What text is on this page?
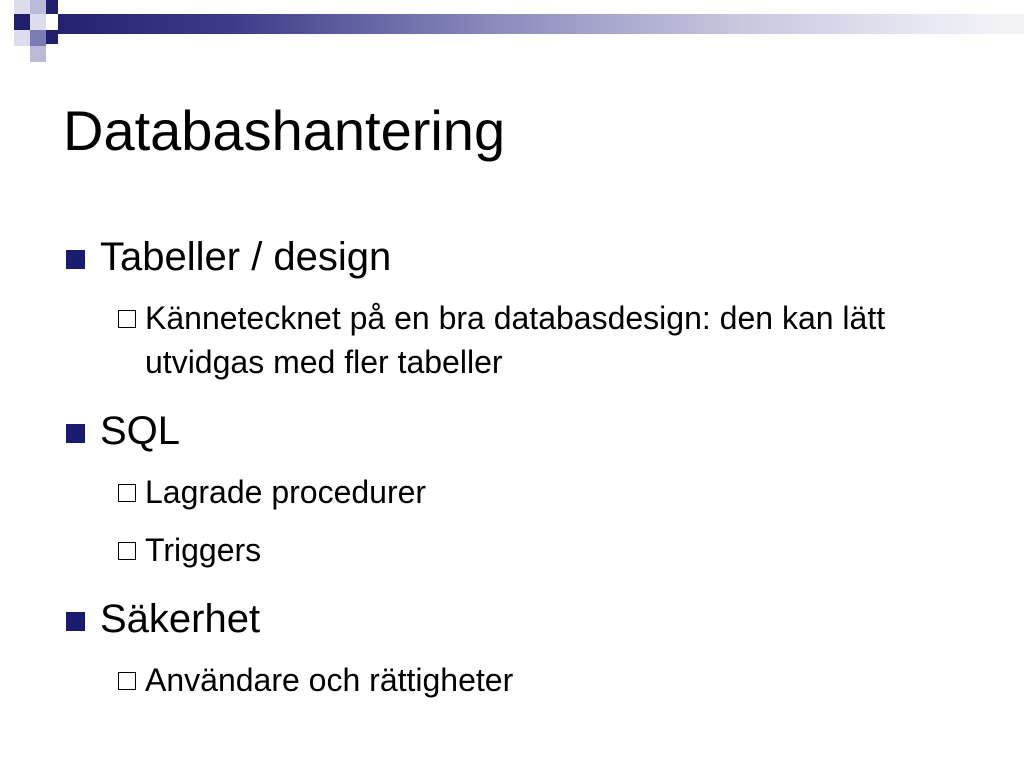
Databashantering
Tabeller / design
Kännetecknet på en bra databasdesign: den kan lätt utvidgas med fler tabeller
SQL
Lagrade procedurer
Triggers
Säkerhet
Användare och rättigheter
